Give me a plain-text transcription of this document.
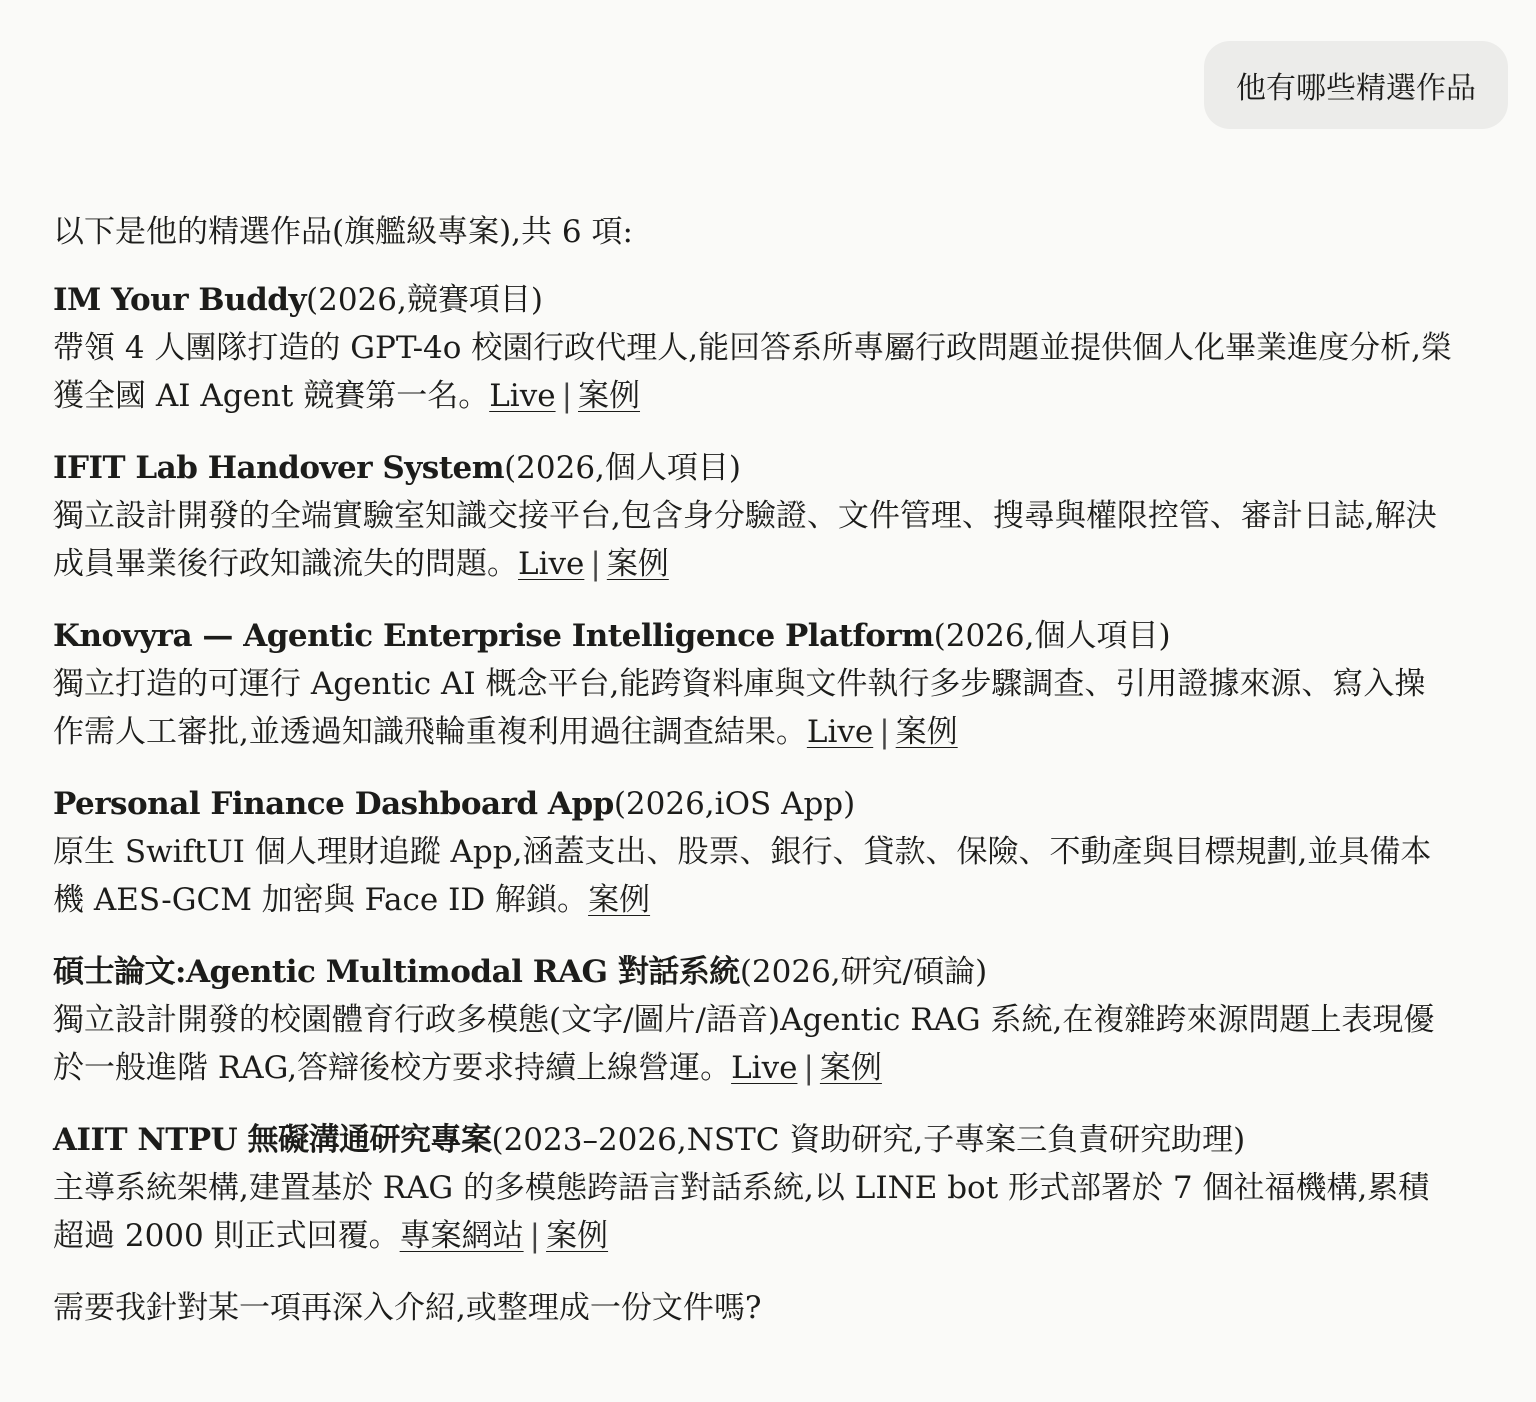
他有哪些精選作品

以下是他的精選作品(旗艦級專案),共 6 項:

IM Your Buddy(2026,競賽項目)
帶領 4 人團隊打造的 GPT-4o 校園行政代理人,能回答系所專屬行政問題並提供個人化畢業進度分析,榮獲全國 AI Agent 競賽第一名。Live | 案例
IFIT Lab Handover System(2026,個人項目)
獨立設計開發的全端實驗室知識交接平台,包含身分驗證、文件管理、搜尋與權限控管、審計日誌,解決成員畢業後行政知識流失的問題。Live | 案例
Knovyra — Agentic Enterprise Intelligence Platform(2026,個人項目)
獨立打造的可運行 Agentic AI 概念平台,能跨資料庫與文件執行多步驟調查、引用證據來源、寫入操作需人工審批,並透過知識飛輪重複利用過往調查結果。Live | 案例
Personal Finance Dashboard App(2026,iOS App)
原生 SwiftUI 個人理財追蹤 App,涵蓋支出、股票、銀行、貸款、保險、不動產與目標規劃,並具備本機 AES-GCM 加密與 Face ID 解鎖。案例
碩士論文:Agentic Multimodal RAG 對話系統(2026,研究/碩論)
獨立設計開發的校園體育行政多模態(文字/圖片/語音)Agentic RAG 系統,在複雜跨來源問題上表現優於一般進階 RAG,答辯後校方要求持續上線營運。Live | 案例
AIIT NTPU 無礙溝通研究專案(2023–2026,NSTC 資助研究,子專案三負責研究助理)
主導系統架構,建置基於 RAG 的多模態跨語言對話系統,以 LINE bot 形式部署於 7 個社福機構,累積超過 2000 則正式回覆。專案網站 | 案例

需要我針對某一項再深入介紹,或整理成一份文件嗎?
